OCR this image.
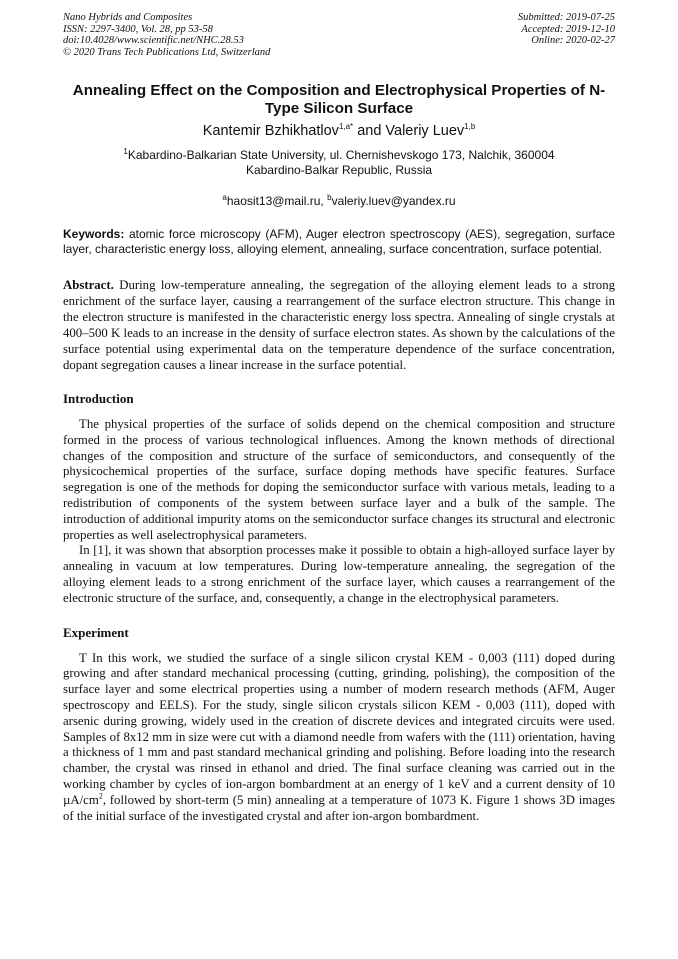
Nano Hybrids and Composites
ISSN: 2297-3400, Vol. 28, pp 53-58
doi:10.4028/www.scientific.net/NHC.28.53
© 2020 Trans Tech Publications Ltd, Switzerland
Submitted: 2019-07-25
Accepted: 2019-12-10
Online: 2020-02-27
Annealing Effect on the Composition and Electrophysical Properties of N-Type Silicon Surface
Kantemir Bzhikhatlov$^{1,a*}$ and Valeriy Luev$^{1,b}$
$^1$Kabardino-Balkarian State University, ul. Chernishevskogo 173, Nalchik, 360004
Kabardino-Balkar Republic, Russia
$^a$haosit13@mail.ru, $^b$valeriy.luev@yandex.ru
Keywords: atomic force microscopy (AFM), Auger electron spectroscopy (AES), segregation, surface layer, characteristic energy loss, alloying element, annealing, surface concentration, surface potential.
Abstract. During low-temperature annealing, the segregation of the alloying element leads to a strong enrichment of the surface layer, causing a rearrangement of the surface electron structure. This change in the electron structure is manifested in the characteristic energy loss spectra. Annealing of single crystals at 400–500 K leads to an increase in the density of surface electron states. As shown by the calculations of the surface potential using experimental data on the temperature dependence of the surface concentration, dopant segregation causes a linear increase in the surface potential.
Introduction

The physical properties of the surface of solids depend on the chemical composition and structure formed in the process of various technological influences. Among the known methods of directional changes of the composition and structure of the surface of semiconductors, and consequently of the physicochemical properties of the surface, surface doping methods have specific features. Surface segregation is one of the methods for doping the semiconductor surface with various metals, leading to a redistribution of components of the system between surface layer and a bulk of the sample. The introduction of additional impurity atoms on the semiconductor surface changes its structural and electronic properties as well aselectrophysical parameters.

In [1], it was shown that absorption processes make it possible to obtain a high-alloyed surface layer by annealing in vacuum at low temperatures. During low-temperature annealing, the segregation of the alloying element leads to a strong enrichment of the surface layer, which causes a rearrangement of the electronic structure of the surface, and, consequently, a change in the electrophysical parameters.

Experiment

T In this work, we studied the surface of a single silicon crystal KEM - 0,003 (111) doped during growing and after standard mechanical processing (cutting, grinding, polishing), the composition of the surface layer and some electrical properties using a number of modern research methods (AFM, Auger spectroscopy and EELS). For the study, single silicon crystals silicon KEM - 0,003 (111), doped with arsenic during growing, widely used in the creation of discrete devices and integrated circuits were used. Samples of 8x12 mm in size were cut with a diamond needle from wafers with the (111) orientation, having a thickness of 1 mm and past standard mechanical grinding and polishing. Before loading into the research chamber, the crystal was rinsed in ethanol and dried. The final surface cleaning was carried out in the working chamber by cycles of ion-argon bombardment at an energy of 1 keV and a current density of 10 $\mu A/cm^2$, followed by short-term (5 min) annealing at a temperature of 1073 K. Figure 1 shows 3D images of the initial surface of the investigated crystal and after ion-argon bombardment.
